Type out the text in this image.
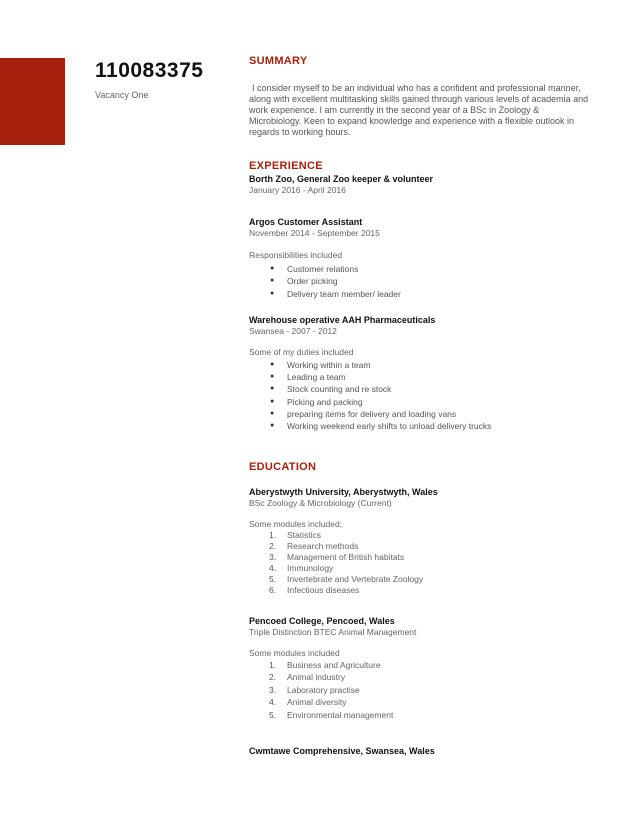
110083375
Vacancy One
SUMMARY
I consider myself to be an individual who has a confident and professional manner, along with excellent multitasking skills gained through various levels of academia and work experience. I am currently in the second year of a BSc in Zoology & Microbiology. Keen to expand knowledge and experience with a flexible outlook in regards to working hours.
EXPERIENCE
Borth Zoo, General Zoo keeper & volunteer
January 2016 - April 2016
Argos Customer Assistant
November 2014 - September 2015
Responsibilities included
● Customer relations
● Order picking
● Delivery team member/ leader
Warehouse operative AAH Pharmaceuticals
Swansea - 2007 - 2012
Some of my duties included
● Working within a team
● Leading a team
● Stock counting and re stock
● Picking and packing
● preparing items for delivery and loading vans
● Working weekend early shifts to unload delivery trucks
EDUCATION
Aberystwyth University, Aberystwyth, Wales
BSc Zoology & Microbiology (Current)
Some modules included;
1. Statistics
2. Research methods
3. Management of British habitats
4. Immunology
5. Invertebrate and Vertebrate Zoology
6. Infectious diseases
Pencoed College, Pencoed, Wales
Triple Distinction BTEC Animal Management
Some modules included
1. Business and Agriculture
2. Animal industry
3. Laboratory practise
4. Animal diversity
5. Environmental management
Cwmtawe Comprehensive, Swansea, Wales
